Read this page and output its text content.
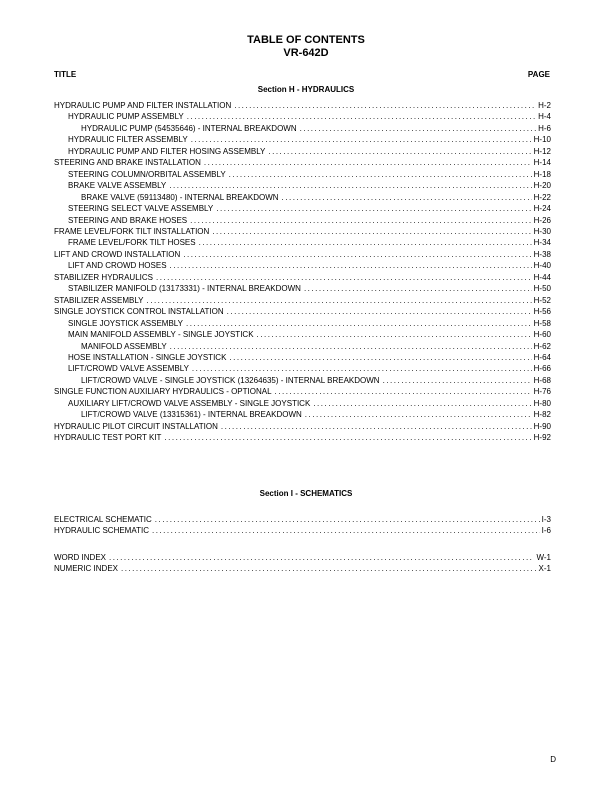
TABLE OF CONTENTS
VR-642D
TITLE	PAGE
Section H - HYDRAULICS
HYDRAULIC PUMP AND FILTER INSTALLATION .....	H-2
HYDRAULIC PUMP ASSEMBLY .....	H-4
HYDRAULIC PUMP (54535646) - INTERNAL BREAKDOWN .....	H-6
HYDRAULIC FILTER ASSEMBLY .....	H-10
HYDRAULIC PUMP AND FILTER HOSING ASSEMBLY .....	H-12
STEERING AND BRAKE INSTALLATION .....	H-14
STEERING COLUMN/ORBITAL ASSEMBLY .....	H-18
BRAKE VALVE ASSEMBLY .....	H-20
BRAKE VALVE (59113480) - INTERNAL BREAKDOWN .....	H-22
STEERING SELECT VALVE ASSEMBLY .....	H-24
STEERING AND BRAKE HOSES .....	H-26
FRAME LEVEL/FORK TILT INSTALLATION .....	H-30
FRAME LEVEL/FORK TILT HOSES .....	H-34
LIFT AND CROWD INSTALLATION .....	H-38
LIFT AND CROWD HOSES .....	H-40
STABILIZER HYDRAULICS .....	H-44
STABILIZER MANIFOLD (13173331) - INTERNAL BREAKDOWN .....	H-50
STABILIZER ASSEMBLY .....	H-52
SINGLE JOYSTICK CONTROL INSTALLATION .....	H-56
SINGLE JOYSTICK ASSEMBLY .....	H-58
MAIN MANIFOLD ASSEMBLY - SINGLE JOYSTICK .....	H-60
MANIFOLD ASSEMBLY .....	H-62
HOSE INSTALLATION - SINGLE JOYSTICK .....	H-64
LIFT/CROWD VALVE ASSEMBLY .....	H-66
LIFT/CROWD VALVE - SINGLE JOYSTICK (13264635) - INTERNAL BREAKDOWN .....	H-68
SINGLE FUNCTION AUXILIARY HYDRAULICS - OPTIONAL .....	H-76
AUXILIARY LIFT/CROWD VALVE ASSEMBLY - SINGLE JOYSTICK .....	H-80
LIFT/CROWD VALVE (13315361) - INTERNAL BREAKDOWN .....	H-82
HYDRAULIC PILOT CIRCUIT INSTALLATION .....	H-90
HYDRAULIC TEST PORT KIT .....	H-92
Section I - SCHEMATICS
ELECTRICAL SCHEMATIC .....	I-3
HYDRAULIC SCHEMATIC .....	I-6
WORD INDEX .....	W-1
NUMERIC INDEX .....	X-1
D
